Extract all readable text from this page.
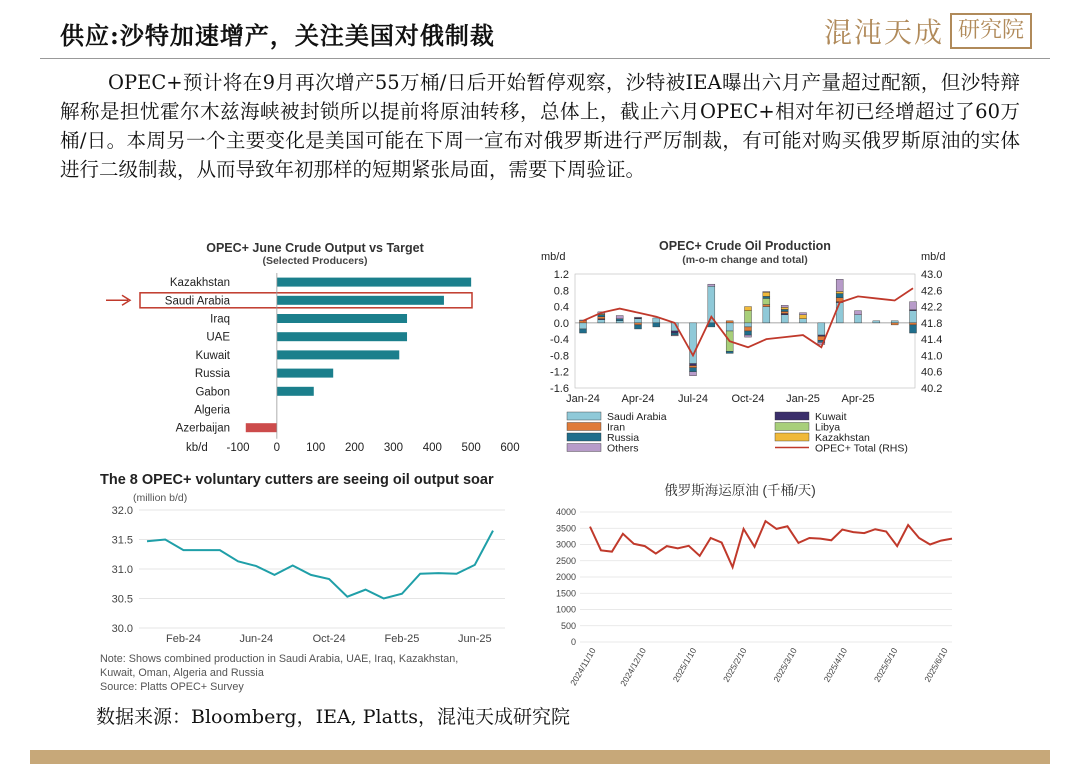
供应:沙特加速增产，关注美国对俄制裁	混沌天成 研究院
OPEC+预计将在9月再次增产55万桶/日后开始暂停观察，沙特被IEA曝出六月产量超过配额，但沙特辩解称是担忧霍尔木兹海峡被封锁所以提前将原油转移，总体上，截止六月OPEC+相对年初已经增超过了60万桶/日。本周另一个主要变化是美国可能在下周一宣布对俄罗斯进行严厉制裁，有可能对购买俄罗斯原油的实体进行二级制裁，从而导致年初那样的短期紧张局面，需要下周验证。
OPEC+ June Crude Output vs Target
(Selected Producers)
Kazakhstan
Saudi Arabia
Iraq
UAE
Kuwait
Russia
Gabon
Algeria
Azerbaijan
kb/d -100 0 100 200 300 400 500 600
OPEC+ Crude Oil Production
(m-o-m change and total)
mb/d	mb/d
1.2
0.8
0.4
0.0
-0.4
-0.8
-1.2
-1.6
43.0
42.6
42.2
41.8
41.4
41.0
40.6
40.2
Jan-24 Apr-24 Jul-24 Oct-24 Jan-25 Apr-25
Saudi Arabia	Kuwait
Iran	Libya
Russia	Kazakhstan
Others	OPEC+ Total (RHS)
The 8 OPEC+ voluntary cutters are seeing oil output soar
(million b/d)
32.0
31.5
31.0
30.5
30.0
Feb-24	Jun-24	Oct-24	Feb-25	Jun-25
Note: Shows combined production in Saudi Arabia, UAE, Iraq, Kazakhstan,
Kuwait, Oman, Algeria and Russia
Source: Platts OPEC+ Survey
俄罗斯海运原油 (千桶/天)
4000
3500
3000
2500
2000
1500
1000
500
0
2024/11/10 2024/12/10	2025/1/10	2025/2/10	2025/3/10	2025/4/10	2025/5/10	2025/6/10
数据来源：Bloomberg，IEA, Platts，混沌天成研究院
